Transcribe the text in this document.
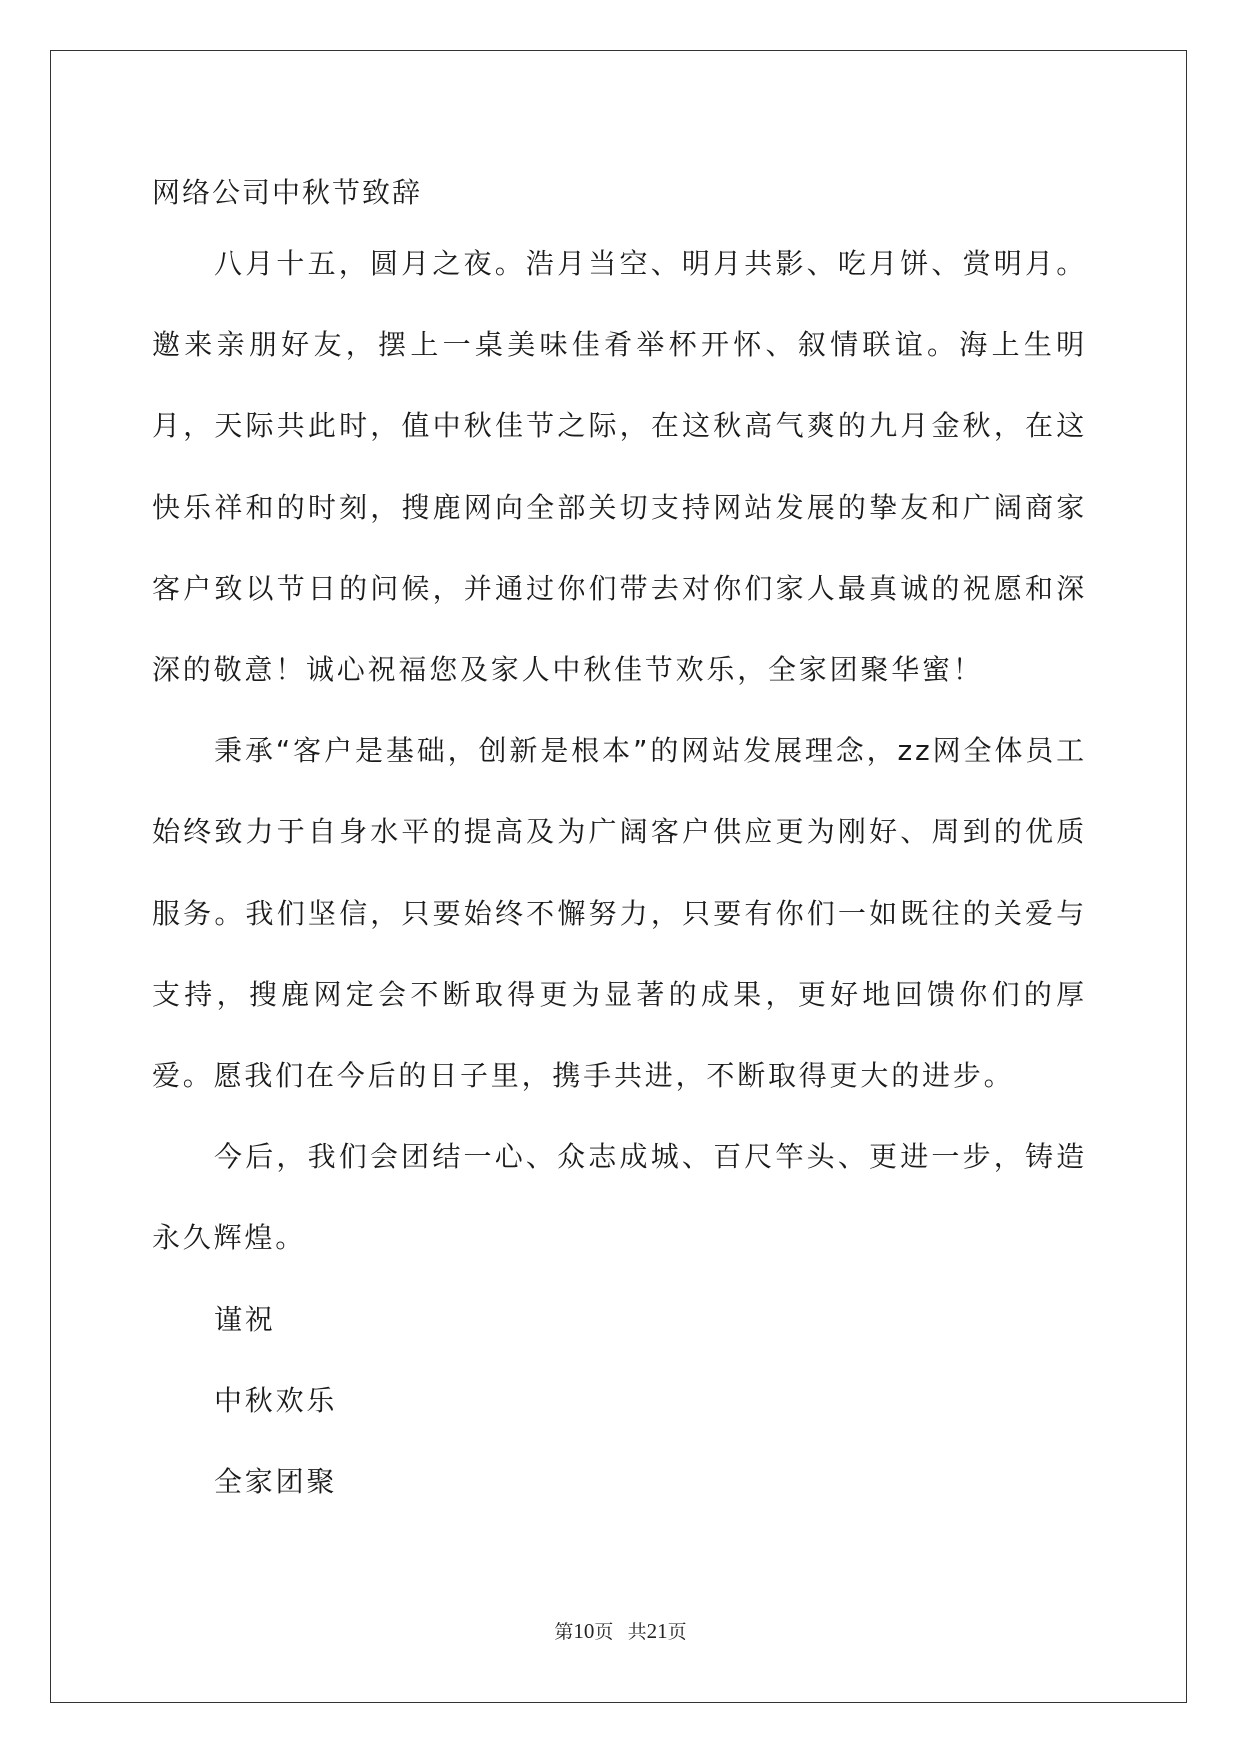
网络公司中秋节致辞

八月十五，圆月之夜。浩月当空、明月共影、吃月饼、赏明月。邀来亲朋好友，摆上一桌美味佳肴举杯开怀、叙情联谊。海上生明月，天际共此时，值中秋佳节之际，在这秋高气爽的九月金秋，在这快乐祥和的时刻，搜鹿网向全部关切支持网站发展的挚友和广阔商家客户致以节日的问候，并通过你们带去对你们家人最真诚的祝愿和深深的敬意！诚心祝福您及家人中秋佳节欢乐，全家团聚华蜜！

秉承“客户是基础，创新是根本”的网站发展理念，zz网全体员工始终致力于自身水平的提高及为广阔客户供应更为刚好、周到的优质服务。我们坚信，只要始终不懈努力，只要有你们一如既往的关爱与支持，搜鹿网定会不断取得更为显著的成果，更好地回馈你们的厚爱。愿我们在今后的日子里，携手共进，不断取得更大的进步。

今后，我们会团结一心、众志成城、百尺竿头、更进一步，铸造永久辉煌。

谨祝

中秋欢乐

全家团聚

第10页 共21页
